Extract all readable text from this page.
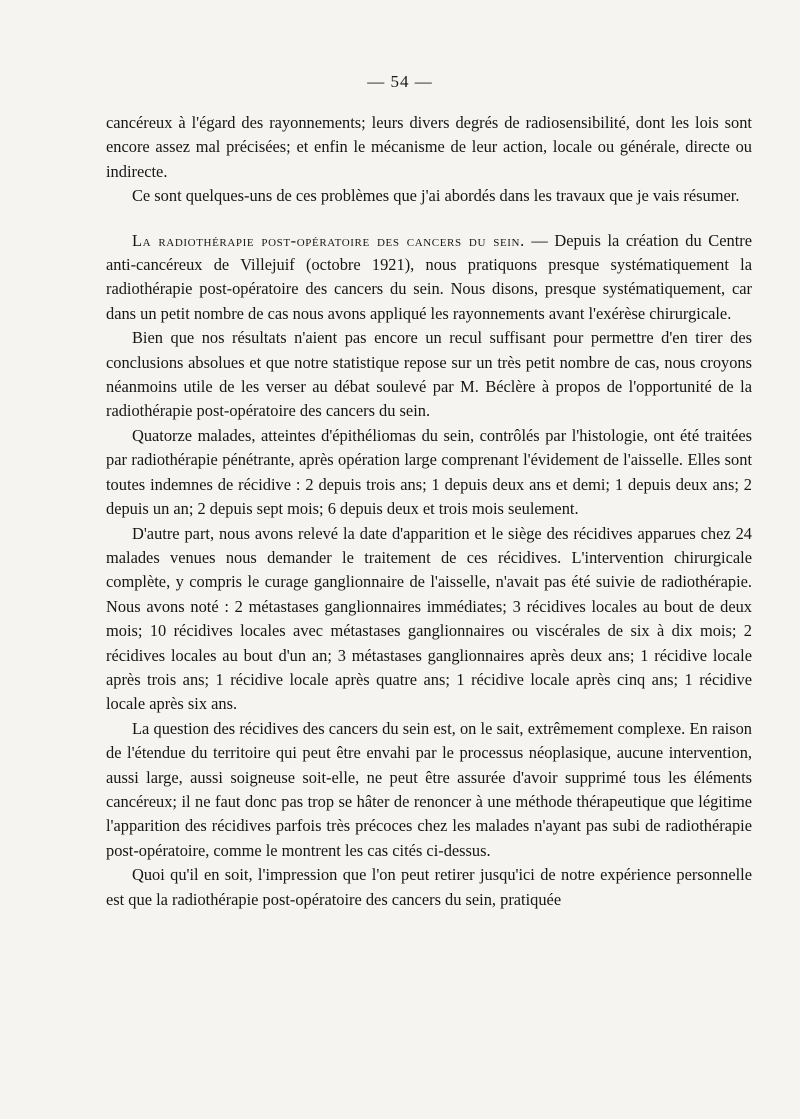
— 54 —

cancéreux à l'égard des rayonnements; leurs divers degrés de radiosensibilité, dont les lois sont encore assez mal précisées; et enfin le mécanisme de leur action, locale ou générale, directe ou indirecte.

Ce sont quelques-uns de ces problèmes que j'ai abordés dans les travaux que je vais résumer.

La radiothérapie post-opératoire des cancers du sein. — Depuis la création du Centre anti-cancéreux de Villejuif (octobre 1921), nous pratiquons presque systématiquement la radiothérapie post-opératoire des cancers du sein. Nous disons, presque systématiquement, car dans un petit nombre de cas nous avons appliqué les rayonnements avant l'exérèse chirurgicale.

Bien que nos résultats n'aient pas encore un recul suffisant pour permettre d'en tirer des conclusions absolues et que notre statistique repose sur un très petit nombre de cas, nous croyons néanmoins utile de les verser au débat soulevé par M. Béclère à propos de l'opportunité de la radiothérapie post-opératoire des cancers du sein.

Quatorze malades, atteintes d'épithéliomas du sein, contrôlés par l'histologie, ont été traitées par radiothérapie pénétrante, après opération large comprenant l'évidement de l'aisselle. Elles sont toutes indemnes de récidive : 2 depuis trois ans; 1 depuis deux ans et demi; 1 depuis deux ans; 2 depuis un an; 2 depuis sept mois; 6 depuis deux et trois mois seulement.

D'autre part, nous avons relevé la date d'apparition et le siège des récidives apparues chez 24 malades venues nous demander le traitement de ces récidives. L'intervention chirurgicale complète, y compris le curage ganglionnaire de l'aisselle, n'avait pas été suivie de radiothérapie. Nous avons noté : 2 métastases ganglionnaires immédiates; 3 récidives locales au bout de deux mois; 10 récidives locales avec métastases ganglionnaires ou viscérales de six à dix mois; 2 récidives locales au bout d'un an; 3 métastases ganglionnaires après deux ans; 1 récidive locale après trois ans; 1 récidive locale après quatre ans; 1 récidive locale après cinq ans; 1 récidive locale après six ans.

La question des récidives des cancers du sein est, on le sait, extrêmement complexe. En raison de l'étendue du territoire qui peut être envahi par le processus néoplasique, aucune intervention, aussi large, aussi soigneuse soit-elle, ne peut être assurée d'avoir supprimé tous les éléments cancéreux; il ne faut donc pas trop se hâter de renoncer à une méthode thérapeutique que légitime l'apparition des récidives parfois très précoces chez les malades n'ayant pas subi de radiothérapie post-opératoire, comme le montrent les cas cités ci-dessus.

Quoi qu'il en soit, l'impression que l'on peut retirer jusqu'ici de notre expérience personnelle est que la radiothérapie post-opératoire des cancers du sein, pratiquée
